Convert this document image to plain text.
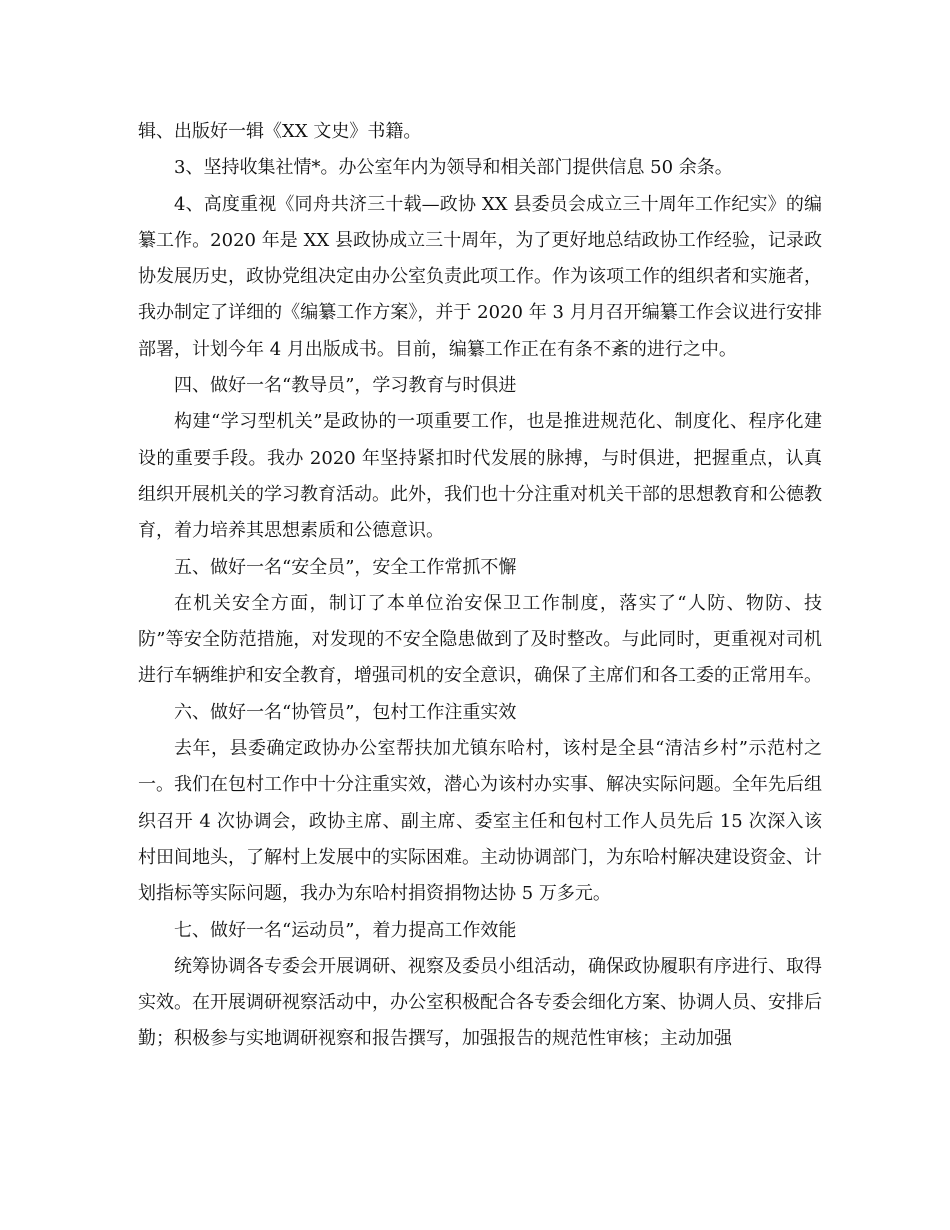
辑、出版好一辑《XX 文史》书籍。

3、坚持收集社情*。办公室年内为领导和相关部门提供信息 50 余条。

4、高度重视《同舟共济三十载—政协 XX 县委员会成立三十周年工作纪实》的编纂工作。2020 年是 XX 县政协成立三十周年，为了更好地总结政协工作经验，记录政协发展历史，政协党组决定由办公室负责此项工作。作为该项工作的组织者和实施者，我办制定了详细的《编纂工作方案》，并于 2020 年 3 月月召开编纂工作会议进行安排部署，计划今年 4 月出版成书。目前，编纂工作正在有条不紊的进行之中。

四、做好一名“教导员”，学习教育与时俱进

构建“学习型机关”是政协的一项重要工作，也是推进规范化、制度化、程序化建设的重要手段。我办 2020 年坚持紧扣时代发展的脉搏，与时俱进，把握重点，认真组织开展机关的学习教育活动。此外，我们也十分注重对机关干部的思想教育和公德教育，着力培养其思想素质和公德意识。

五、做好一名“安全员”，安全工作常抓不懈

在机关安全方面，制订了本单位治安保卫工作制度，落实了“人防、物防、技防”等安全防范措施，对发现的不安全隐患做到了及时整改。与此同时，更重视对司机进行车辆维护和安全教育，增强司机的安全意识，确保了主席们和各工委的正常用车。

六、做好一名“协管员”，包村工作注重实效

去年，县委确定政协办公室帮扶加尤镇东哈村，该村是全县“清洁乡村”示范村之一。我们在包村工作中十分注重实效，潜心为该村办实事、解决实际问题。全年先后组织召开 4 次协调会，政协主席、副主席、委室主任和包村工作人员先后 15 次深入该村田间地头，了解村上发展中的实际困难。主动协调部门，为东哈村解决建设资金、计划指标等实际问题，我办为东哈村捐资捐物达协 5 万多元。

七、做好一名“运动员”，着力提高工作效能

统筹协调各专委会开展调研、视察及委员小组活动，确保政协履职有序进行、取得实效。在开展调研视察活动中，办公室积极配合各专委会细化方案、协调人员、安排后勤；积极参与实地调研视察和报告撰写，加强报告的规范性审核；主动加强
